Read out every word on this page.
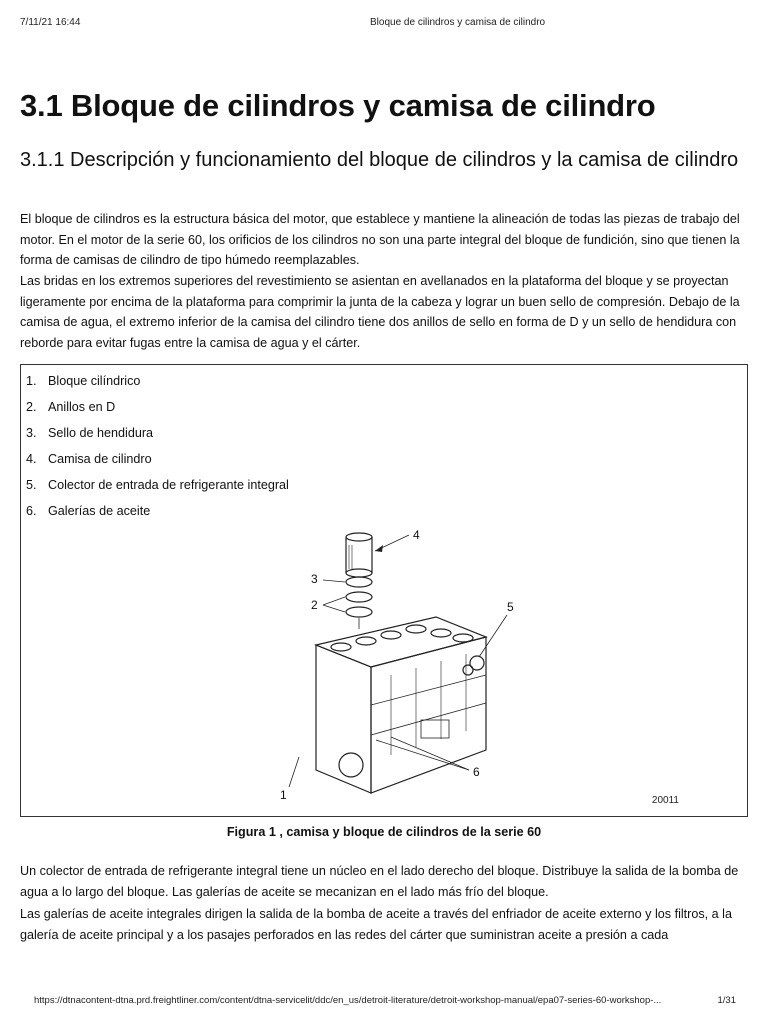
7/11/21 16:44	Bloque de cilindros y camisa de cilindro
3.1 Bloque de cilindros y camisa de cilindro
3.1.1 Descripción y funcionamiento del bloque de cilindros y la camisa de cilindro

El bloque de cilindros es la estructura básica del motor, que establece y mantiene la alineación de todas las piezas de trabajo del motor. En el motor de la serie 60, los orificios de los cilindros no son una parte integral del bloque de fundición, sino que tienen la forma de camisas de cilindro de tipo húmedo reemplazables.

Las bridas en los extremos superiores del revestimiento se asientan en avellanados en la plataforma del bloque y se proyectan ligeramente por encima de la plataforma para comprimir la junta de la cabeza y lograr un buen sello de compresión. Debajo de la camisa de agua, el extremo inferior de la camisa del cilindro tiene dos anillos de sello en forma de D y un sello de hendidura con reborde para evitar fugas entre la camisa de agua y el cárter.

1. Bloque cilíndrico
2. Anillos en D
3. Sello de hendidura
4. Camisa de cilindro
5. Colector de entrada de refrigerante integral
6. Galerías de aceite
4
3
2	5
6
1	20011
Figura 1 , camisa y bloque de cilindros de la serie 60

Un colector de entrada de refrigerante integral tiene un núcleo en el lado derecho del bloque. Distribuye la salida de la bomba de agua a lo largo del bloque. Las galerías de aceite se mecanizan en el lado más frío del bloque.

Las galerías de aceite integrales dirigen la salida de la bomba de aceite a través del enfriador de aceite externo y los filtros, a la galería de aceite principal y a los pasajes perforados en las redes del cárter que suministran aceite a presión a cada

https://dtnacontent-dtna.prd.freightliner.com/content/dtna-servicelit/ddc/en_us/detroit-literature/detroit-workshop-manual/epa07-series-60-workshop-...	1/31
